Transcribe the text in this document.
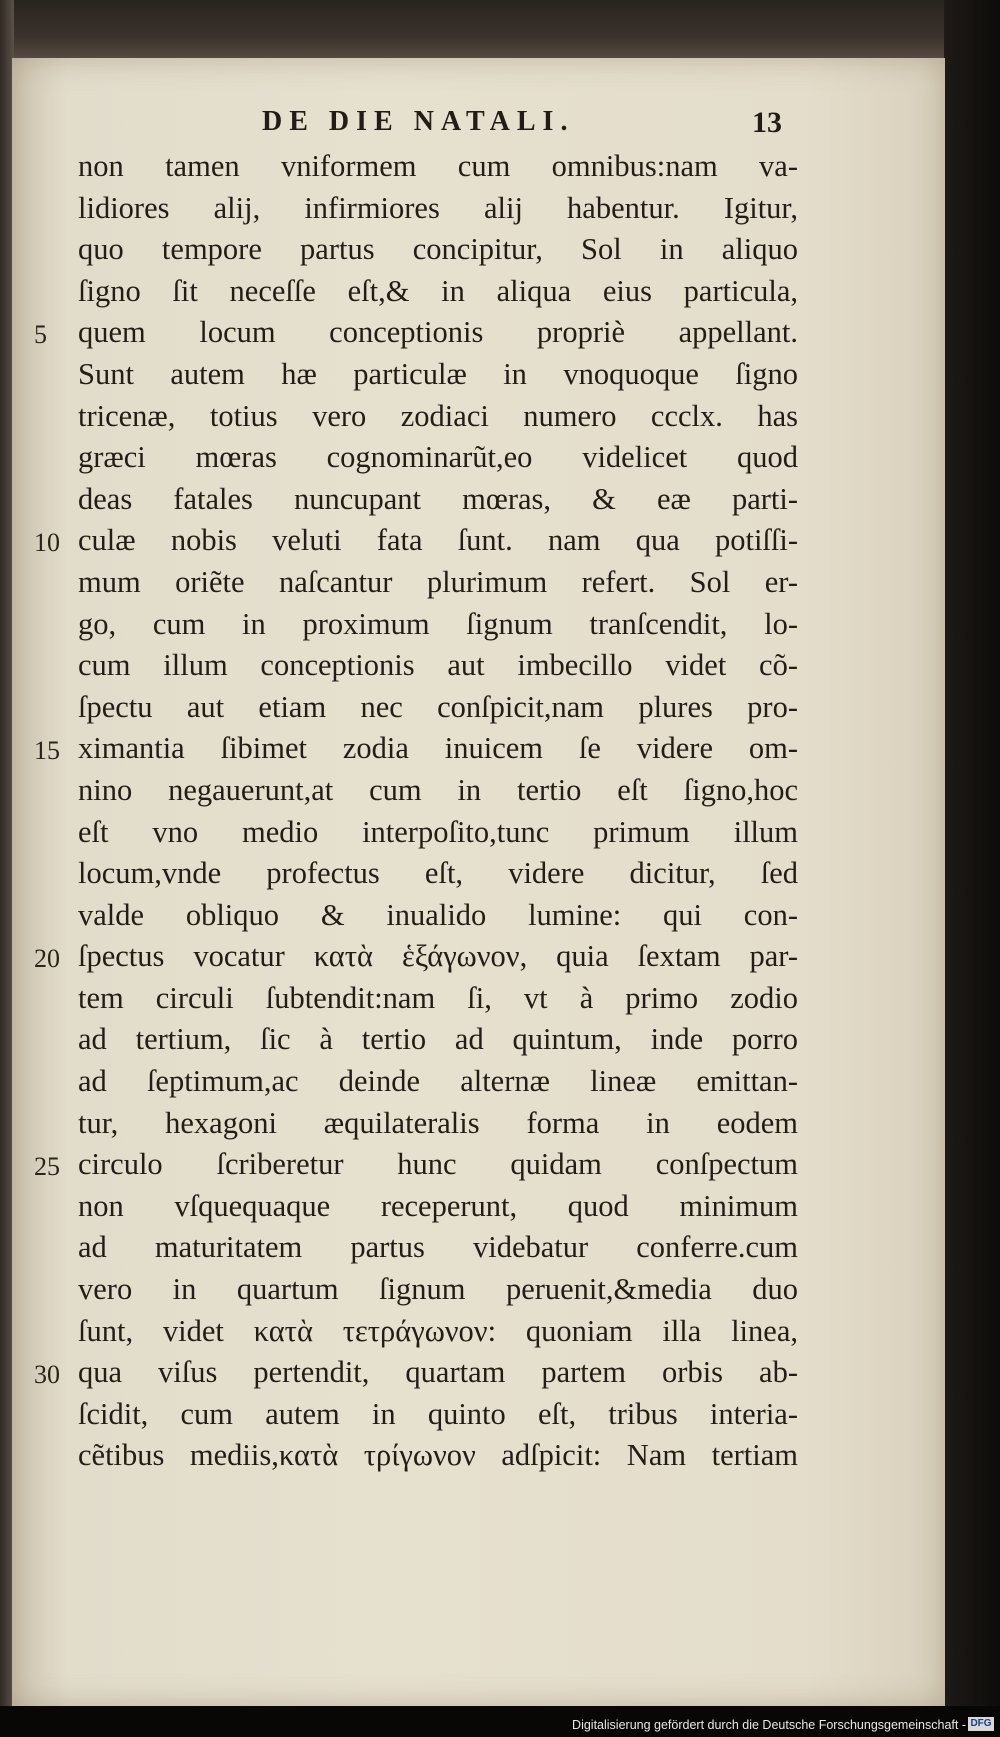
DE DIE NATALI.	13
non tamen vniformem cum omnibus:nam va-
lidiores alij, infirmiores alij habentur. Igitur,
quo tempore partus concipitur, Sol in aliquo
ſigno ſit neceſſe eſt,& in aliqua eius particula,
quem locum conceptionis propriè appellant.
Sunt autem hæ particulæ in vnoquoque ſigno
tricenæ, totius vero zodiaci numero ccclx. has
græci mœras cognominarũt,eo videlicet quod
deas fatales nuncupant mœras, & eæ parti-
culæ nobis veluti fata ſunt. nam qua potiſſi-
mum oriẽte naſcantur plurimum refert. Sol er-
go, cum in proximum ſignum tranſcendit, lo-
cum illum conceptionis aut imbecillo videt cõ-
ſpectu aut etiam nec conſpicit,nam plures pro-
ximantia ſibimet zodia inuicem ſe videre om-
nino negauerunt,at cum in tertio eſt ſigno,hoc
eſt vno medio interpoſito,tunc primum illum
locum,vnde profectus eſt, videre dicitur, ſed
valde obliquo & inualido lumine: qui con-
ſpectus vocatur κατὰ ἑξάγωνον, quia ſextam par-
tem circuli ſubtendit:nam ſi, vt à primo zodio
ad tertium, ſic à tertio ad quintum, inde porro
ad ſeptimum,ac deinde alternæ lineæ emittan-
tur, hexagoni æquilateralis forma in eodem
circulo ſcriberetur hunc quidam conſpectum
non vſquequaque receperunt, quod minimum
ad maturitatem partus videbatur conferre.cum
vero in quartum ſignum peruenit,&media duo
ſunt, videt κατὰ τετράγωνον: quoniam illa linea,
qua viſus pertendit, quartam partem orbis ab-
ſcidit, cum autem in quinto eſt, tribus interia-
cẽtibus mediis,κατὰ τρίγωνον adſpicit: Nam tertiam
5
10
15
20
25
30
Digitalisierung gefördert durch die Deutsche Forschungsgemeinschaft - DFG
